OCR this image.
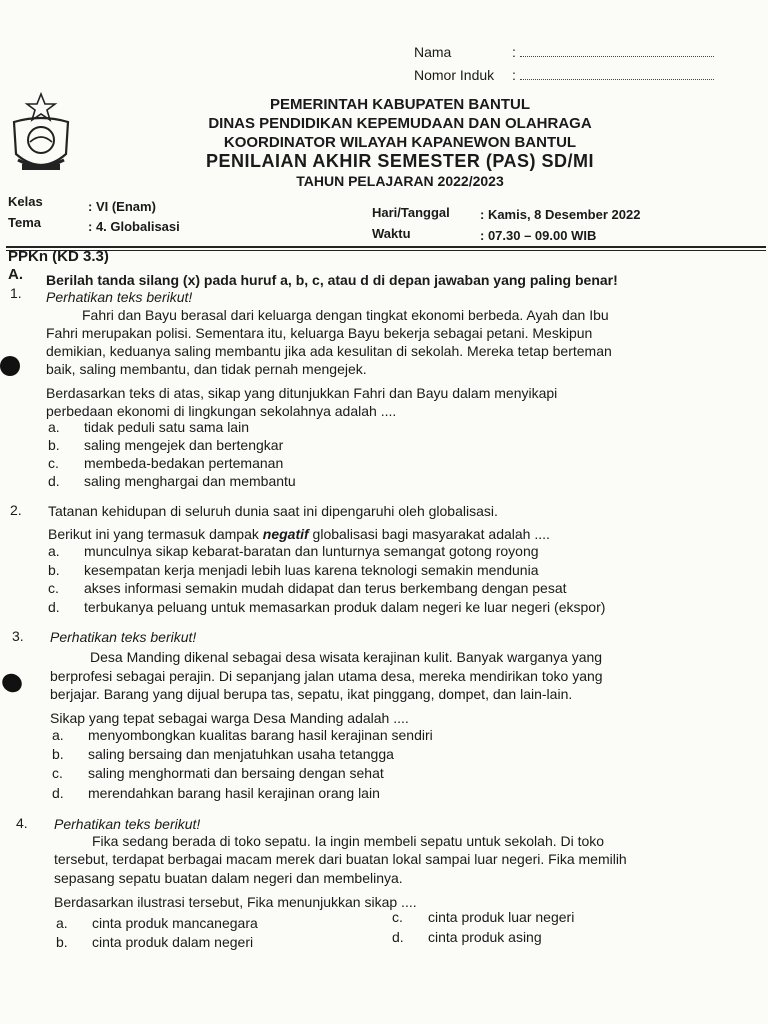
Nama	:
Nomor Induk	:
PEMERINTAH KABUPATEN BANTUL
DINAS PENDIDIKAN KEPEMUDAAN DAN OLAHRAGA
KOORDINATOR WILAYAH KAPANEWON BANTUL
PENILAIAN AKHIR SEMESTER (PAS) SD/MI
TAHUN PELAJARAN 2022/2023
Kelas	: VI (Enam)
Tema	: 4. Globalisasi
Hari/Tanggal : Kamis, 8 Desember 2022
Waktu	: 07.30 – 09.00 WIB
PPKn (KD 3.3)
A. Berilah tanda silang (x) pada huruf a, b, c, atau d di depan jawaban yang paling benar!
1. Perhatikan teks berikut!
Fahri dan Bayu berasal dari keluarga dengan tingkat ekonomi berbeda. Ayah dan Ibu
Fahri merupakan polisi. Sementara itu, keluarga Bayu bekerja sebagai petani. Meskipun
demikian, keduanya saling membantu jika ada kesulitan di sekolah. Mereka tetap berteman
baik, saling membantu, dan tidak pernah mengejek.
Berdasarkan teks di atas, sikap yang ditunjukkan Fahri dan Bayu dalam menyikapi
perbedaan ekonomi di lingkungan sekolahnya adalah ....
a. tidak peduli satu sama lain
b. saling mengejek dan bertengkar
c. membeda-bedakan pertemanan
d. saling menghargai dan membantu
2. Tatanan kehidupan di seluruh dunia saat ini dipengaruhi oleh globalisasi.
Berikut ini yang termasuk dampak negatif globalisasi bagi masyarakat adalah ....
a. munculnya sikap kebarat-baratan dan lunturnya semangat gotong royong
b. kesempatan kerja menjadi lebih luas karena teknologi semakin mendunia
c. akses informasi semakin mudah didapat dan terus berkembang dengan pesat
d. terbukanya peluang untuk memasarkan produk dalam negeri ke luar negeri (ekspor)
3. Perhatikan teks berikut!
Desa Manding dikenal sebagai desa wisata kerajinan kulit. Banyak warganya yang
berprofesi sebagai perajin. Di sepanjang jalan utama desa, mereka mendirikan toko yang
berjajar. Barang yang dijual berupa tas, sepatu, ikat pinggang, dompet, dan lain-lain.
Sikap yang tepat sebagai warga Desa Manding adalah ....
a. menyombongkan kualitas barang hasil kerajinan sendiri
b. saling bersaing dan menjatuhkan usaha tetangga
c. saling menghormati dan bersaing dengan sehat
d. merendahkan barang hasil kerajinan orang lain
4. Perhatikan teks berikut!
Fika sedang berada di toko sepatu. Ia ingin membeli sepatu untuk sekolah. Di toko
tersebut, terdapat berbagai macam merek dari buatan lokal sampai luar negeri. Fika memilih
sepasang sepatu buatan dalam negeri dan membelinya.
Berdasarkan ilustrasi tersebut, Fika menunjukkan sikap ....
a. cinta produk mancanegara
b. cinta produk dalam negeri
c. cinta produk luar negeri
d. cinta produk asing
